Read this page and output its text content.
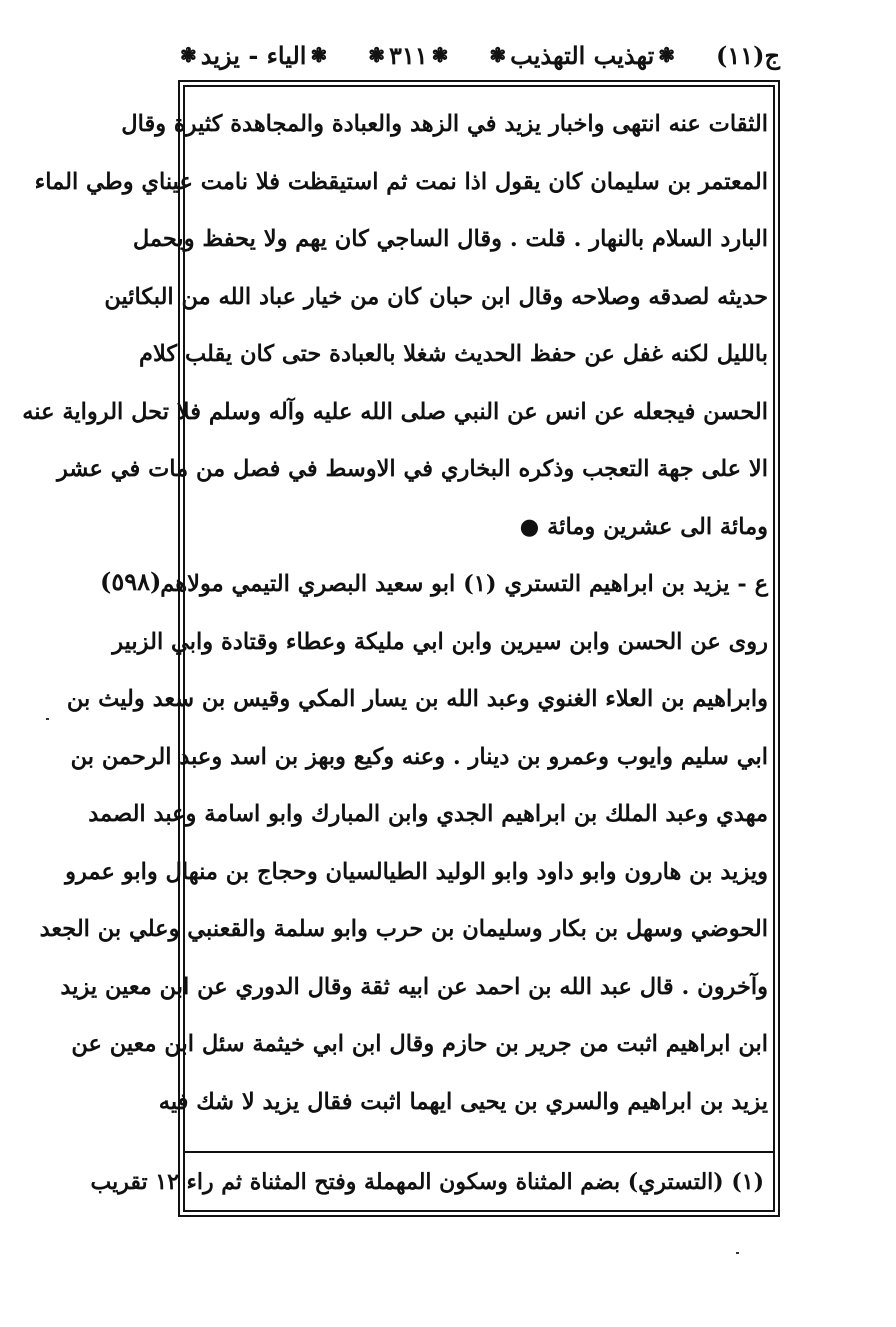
ج(١١)
❃
تهذيب التهذيب
❃
❃
٣١١
❃
❃
الياء - يزيد
❃
الثقات عنه انتهى واخبار يزيد في الزهد والعبادة والمجاهدة كثيرة وقال
المعتمر بن سليمان كان يقول اذا نمت ثم استيقظت فلا نامت عيناي وطي الماء
البارد السلام بالنهار . قلت . وقال الساجي كان يهم ولا يحفظ ويحمل
حديثه لصدقه وصلاحه وقال ابن حبان كان من خيار عباد الله من البكائين
بالليل لكنه غفل عن حفظ الحديث شغلا بالعبادة حتى كان يقلب كلام
الحسن فيجعله عن انس عن النبي صلى الله عليه وآله وسلم فلا تحل الرواية عنه
الا على جهة التعجب وذكره البخاري في الاوسط في فصل من مات في عشر
ومائة الى عشرين ومائة ●
ع - يزيد بن ابراهيم التستري (١) ابو سعيد البصري التيمي مولاهم
روى عن الحسن وابن سيرين وابن ابي مليكة وعطاء وقتادة وابي الزبير
وابراهيم بن العلاء الغنوي وعبد الله بن يسار المكي وقيس بن سعد وليث بن
ابي سليم وايوب وعمرو بن دينار . وعنه وكيع وبهز بن اسد وعبد الرحمن بن
مهدي وعبد الملك بن ابراهيم الجدي وابن المبارك وابو اسامة وعبد الصمد
ويزيد بن هارون وابو داود وابو الوليد الطيالسيان وحجاج بن منهال وابو عمرو
الحوضي وسهل بن بكار وسليمان بن حرب وابو سلمة والقعنبي وعلي بن الجعد
وآخرون . قال عبد الله بن احمد عن ابيه ثقة وقال الدوري عن ابن معين يزيد
ابن ابراهيم اثبت من جرير بن حازم وقال ابن ابي خيثمة سئل ابن معين عن
يزيد بن ابراهيم والسري بن يحيى ايهما اثبت فقال يزيد لا شك فيه
(٥٩٨)
(١) (التستري) بضم المثناة وسكون المهملة وفتح المثناة ثم راء ١٢ تقريب
